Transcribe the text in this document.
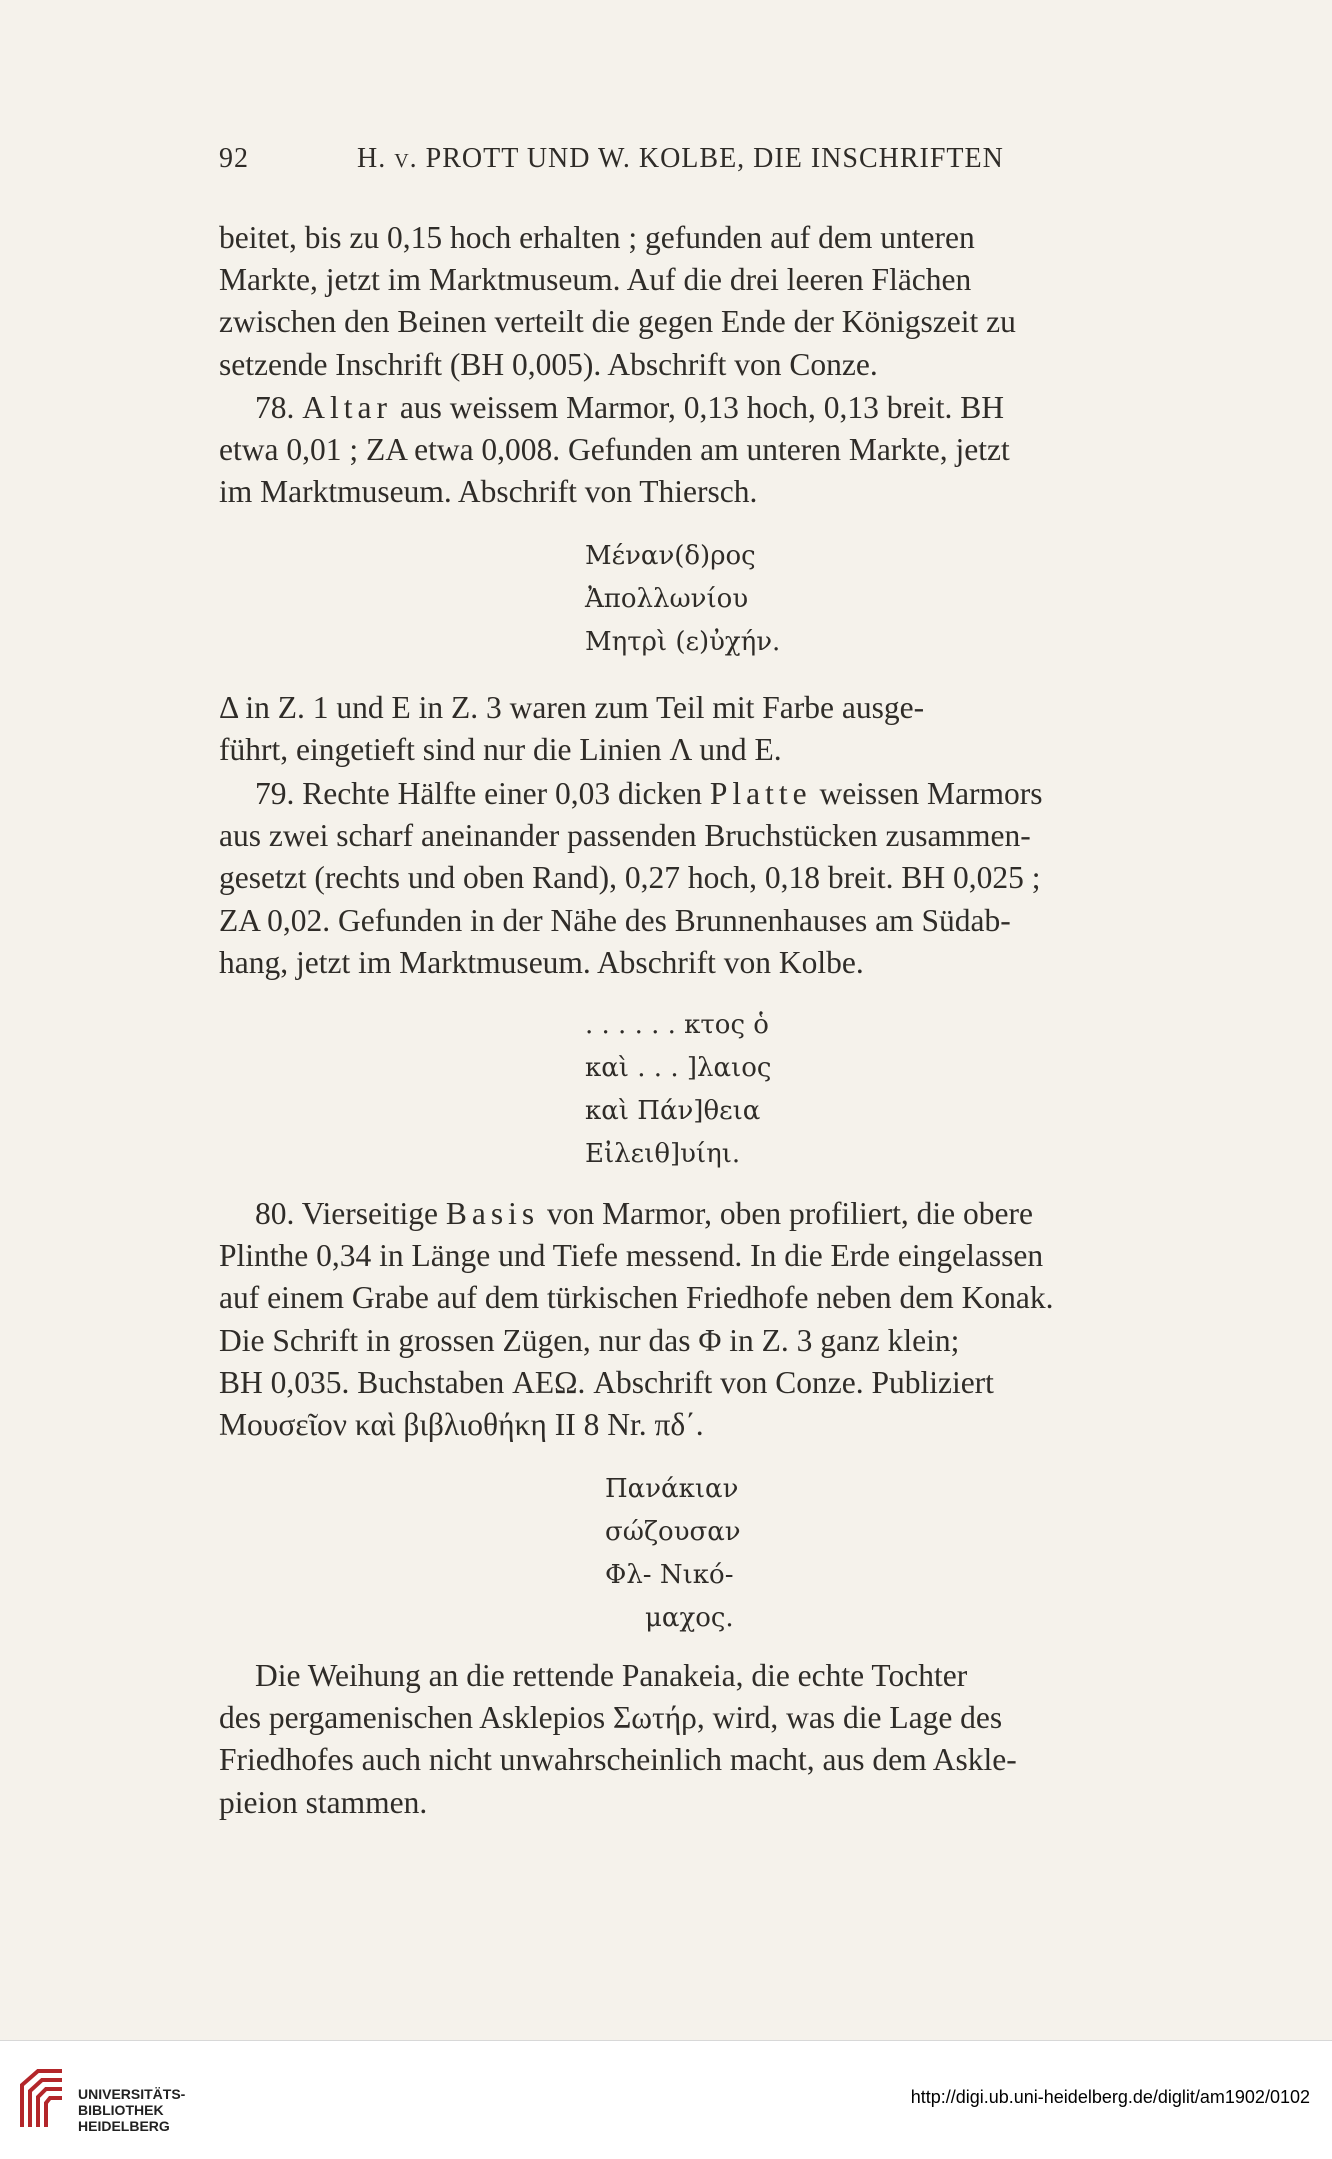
92	H. v. PROTT UND W. KOLBE, DIE INSCHRIFTEN

beitet, bis zu 0,15 hoch erhalten ; gefunden auf dem unteren

Markte, jetzt im Marktmuseum. Auf die drei leeren Flächen

zwischen den Beinen verteilt die gegen Ende der Königszeit zu

setzende Inschrift (BH 0,005). Abschrift von Conze.

78. Altar aus weissem Marmor, 0,13 hoch, 0,13 breit. BH

etwa 0,01 ; ZA etwa 0,008. Gefunden am unteren Markte, jetzt

im Marktmuseum. Abschrift von Thiersch.

Μέναν(δ)ρος
Ἀπολλωνίου
Μητρὶ (ε)ὐχήν.

Δ in Z. 1 und E in Z. 3 waren zum Teil mit Farbe ausge-

führt, eingetieft sind nur die Linien Λ und E.

79. Rechte Hälfte einer 0,03 dicken Platte weissen Marmors

aus zwei scharf aneinander passenden Bruchstücken zusammen-

gesetzt (rechts und oben Rand), 0,27 hoch, 0,18 breit. BH 0,025 ;

ZA 0,02. Gefunden in der Nähe des Brunnenhauses am Südab-

hang, jetzt im Marktmuseum. Abschrift von Kolbe.

. . . . . . κτος ὁ
καὶ . . . ]λαιος
καὶ Πάν]θεια
Εἰλειθ]υίηι.

80. Vierseitige Basis von Marmor, oben profiliert, die obere

Plinthe 0,34 in Länge und Tiefe messend. In die Erde eingelassen

auf einem Grabe auf dem türkischen Friedhofe neben dem Konak.

Die Schrift in grossen Zügen, nur das Φ in Z. 3 ganz klein;

BH 0,035. Buchstaben ΑΕΩ. Abschrift von Conze. Publiziert

Μουσεῖον καὶ βιβλιοθήκη II 8 Nr. πδ΄.

Πανάκιαν
σώζουσαν
Φλ- Νικό-
μαχος.

Die Weihung an die rettende Panakeia, die echte Tochter

des pergamenischen Asklepios Σωτήρ, wird, was die Lage des

Friedhofes auch nicht unwahrscheinlich macht, aus dem Askle-

pieion stammen.

UNIVERSITÄTS-
BIBLIOTHEK
HEIDELBERG
http://digi.ub.uni-heidelberg.de/diglit/am1902/0102
